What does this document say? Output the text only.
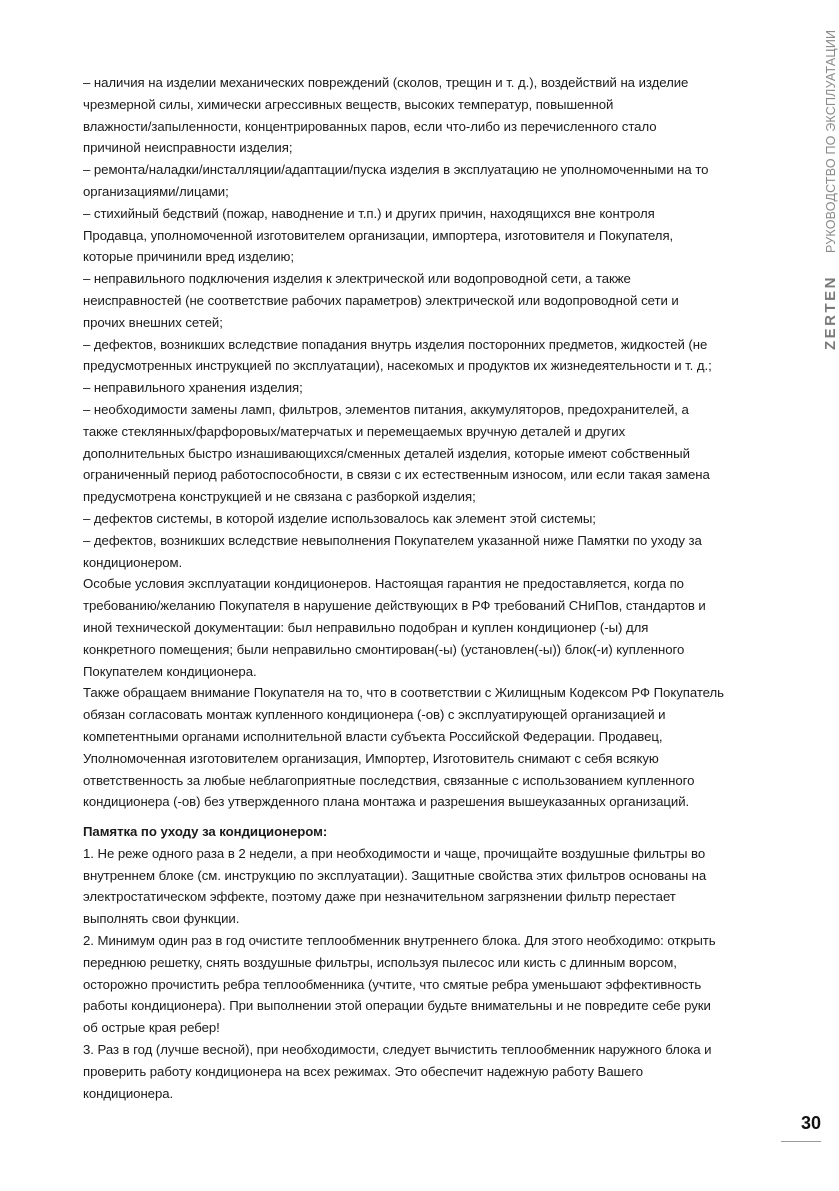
ZERTENРУКОВОДСТВО ПО ЭКСПЛУАТАЦИИ
– наличия на изделии механических повреждений (сколов, трещин и т. д.), воздействий на изделие
чрезмерной силы, химически агрессивных веществ, высоких температур, повышенной
влажности/запыленности, концентрированных паров, если что-либо из перечисленного стало
причиной неисправности изделия;
– ремонта/наладки/инсталляции/адаптации/пуска изделия в эксплуатацию не уполномоченными на то
организациями/лицами;
– стихийный бедствий (пожар, наводнение и т.п.) и других причин, находящихся вне контроля
Продавца, уполномоченной изготовителем организации, импортера, изготовителя и Покупателя,
которые причинили вред изделию;
– неправильного подключения изделия к электрической или водопроводной сети, а также
неисправностей (не соответствие рабочих параметров) электрической или водопроводной сети и
прочих внешних сетей;
– дефектов, возникших вследствие попадания внутрь изделия посторонних предметов, жидкостей (не
предусмотренных инструкцией по эксплуатации), насекомых и продуктов их жизнедеятельности и т. д.;
– неправильного хранения изделия;
– необходимости замены ламп, фильтров, элементов питания, аккумуляторов, предохранителей, а
также стеклянных/фарфоровых/матерчатых и перемещаемых вручную деталей и других
дополнительных быстро изнашивающихся/сменных деталей изделия, которые имеют собственный
ограниченный период работоспособности, в связи с их естественным износом, или если такая замена
предусмотрена конструкцией и не связана с разборкой изделия;
– дефектов системы, в которой изделие использовалось как элемент этой системы;
– дефектов, возникших вследствие невыполнения Покупателем указанной ниже Памятки по уходу за
кондиционером.
Особые условия эксплуатации кондиционеров. Настоящая гарантия не предоставляется, когда по
требованию/желанию Покупателя в нарушение действующих в РФ требований СНиПов, стандартов и
иной технической документации: был неправильно подобран и куплен кондиционер (-ы) для
конкретного помещения; были неправильно смонтирован(-ы) (установлен(-ы)) блок(-и) купленного
Покупателем кондиционера.
Также обращаем внимание Покупателя на то, что в соответствии с Жилищным Кодексом РФ Покупатель
обязан согласовать монтаж купленного кондиционера (-ов) с эксплуатирующей организацией и
компетентными органами исполнительной власти субъекта Российской Федерации. Продавец,
Уполномоченная изготовителем организация, Импортер, Изготовитель снимают с себя всякую
ответственность за любые неблагоприятные последствия, связанные с использованием купленного
кондиционера (-ов) без утвержденного плана монтажа и разрешения вышеуказанных организаций.
Памятка по уходу за кондиционером:
1. Не реже одного раза в 2 недели, а при необходимости и чаще, прочищайте воздушные фильтры во
внутреннем блоке (см. инструкцию по эксплуатации). Защитные свойства этих фильтров основаны на
электростатическом эффекте, поэтому даже при незначительном загрязнении фильтр перестает
выполнять свои функции.
2. Минимум один раз в год очистите теплообменник внутреннего блока. Для этого необходимо: открыть
переднюю решетку, снять воздушные фильтры, используя пылесос или кисть с длинным ворсом,
осторожно прочистить ребра теплообменника (учтите, что смятые ребра уменьшают эффективность
работы кондиционера). При выполнении этой операции будьте внимательны и не повредите себе руки
об острые края ребер!
3. Раз в год (лучше весной), при необходимости, следует вычистить теплообменник наружного блока и
проверить работу кондиционера на всех режимах. Это обеспечит надежную работу Вашего
кондиционера.
30
